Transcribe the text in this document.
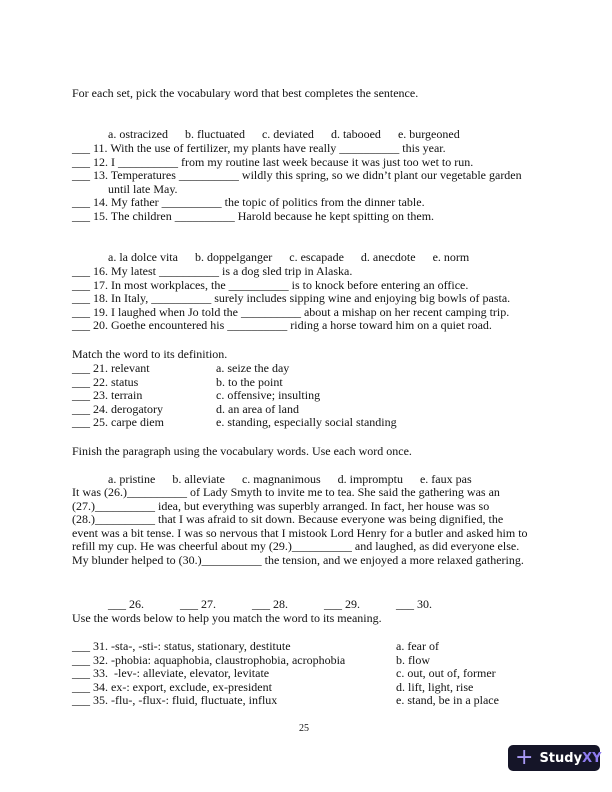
For each set, pick the vocabulary word that best completes the sentence.

a. ostracized b. fluctuated c. deviated d. tabooed e. burgeoned
___ 11. With the use of fertilizer, my plants have really __________ this year.
___ 12. I __________ from my routine last week because it was just too wet to run.
___ 13. Temperatures __________ wildly this spring, so we didn’t plant our vegetable garden
until late May.
___ 14. My father __________ the topic of politics from the dinner table.
___ 15. The children __________ Harold because he kept spitting on them.

a. la dolce vita b. doppelganger c. escapade d. anecdote e. norm
___ 16. My latest __________ is a dog sled trip in Alaska.
___ 17. In most workplaces, the __________ is to knock before entering an office.
___ 18. In Italy, __________ surely includes sipping wine and enjoying big bowls of pasta.
___ 19. I laughed when Jo told the __________ about a mishap on her recent camping trip.
___ 20. Goethe encountered his __________ riding a horse toward him on a quiet road.
Match the word to its definition.
___ 21. relevant	a. seize the day
___ 22. status	b. to the point
___ 23. terrain	c. offensive; insulting
___ 24. derogatory	d. an area of land
___ 25. carpe diem	e. standing, especially social standing
Finish the paragraph using the vocabulary words. Use each word once.

a. pristine b. alleviate c. magnanimous d. impromptu e. faux pas
It was (26.)__________ of Lady Smyth to invite me to tea. She said the gathering was an
(27.)__________ idea, but everything was superbly arranged. In fact, her house was so
(28.)__________ that I was afraid to sit down. Because everyone was being dignified, the
event was a bit tense. I was so nervous that I mistook Lord Henry for a butler and asked him to
refill my cup. He was cheerful about my (29.)__________ and laughed, as did everyone else.
My blunder helped to (30.)__________ the tension, and we enjoyed a more relaxed gathering.

___ 26.	___ 27.	___ 28.	___ 29.	___ 30.
Use the words below to help you match the word to its meaning.
___ 31. -sta-, -sti-: status, stationary, destitute	a. fear of
___ 32. -phobia: aquaphobia, claustrophobia, acrophobia	b. flow
___ 33.  -lev-: alleviate, elevator, levitate	c. out, out of, former
___ 34. ex-: export, exclude, ex-president	d. lift, light, rise
___ 35. -flu-, -flux-: fluid, fluctuate, influx	e. stand, be in a place
25
+ Study XY
